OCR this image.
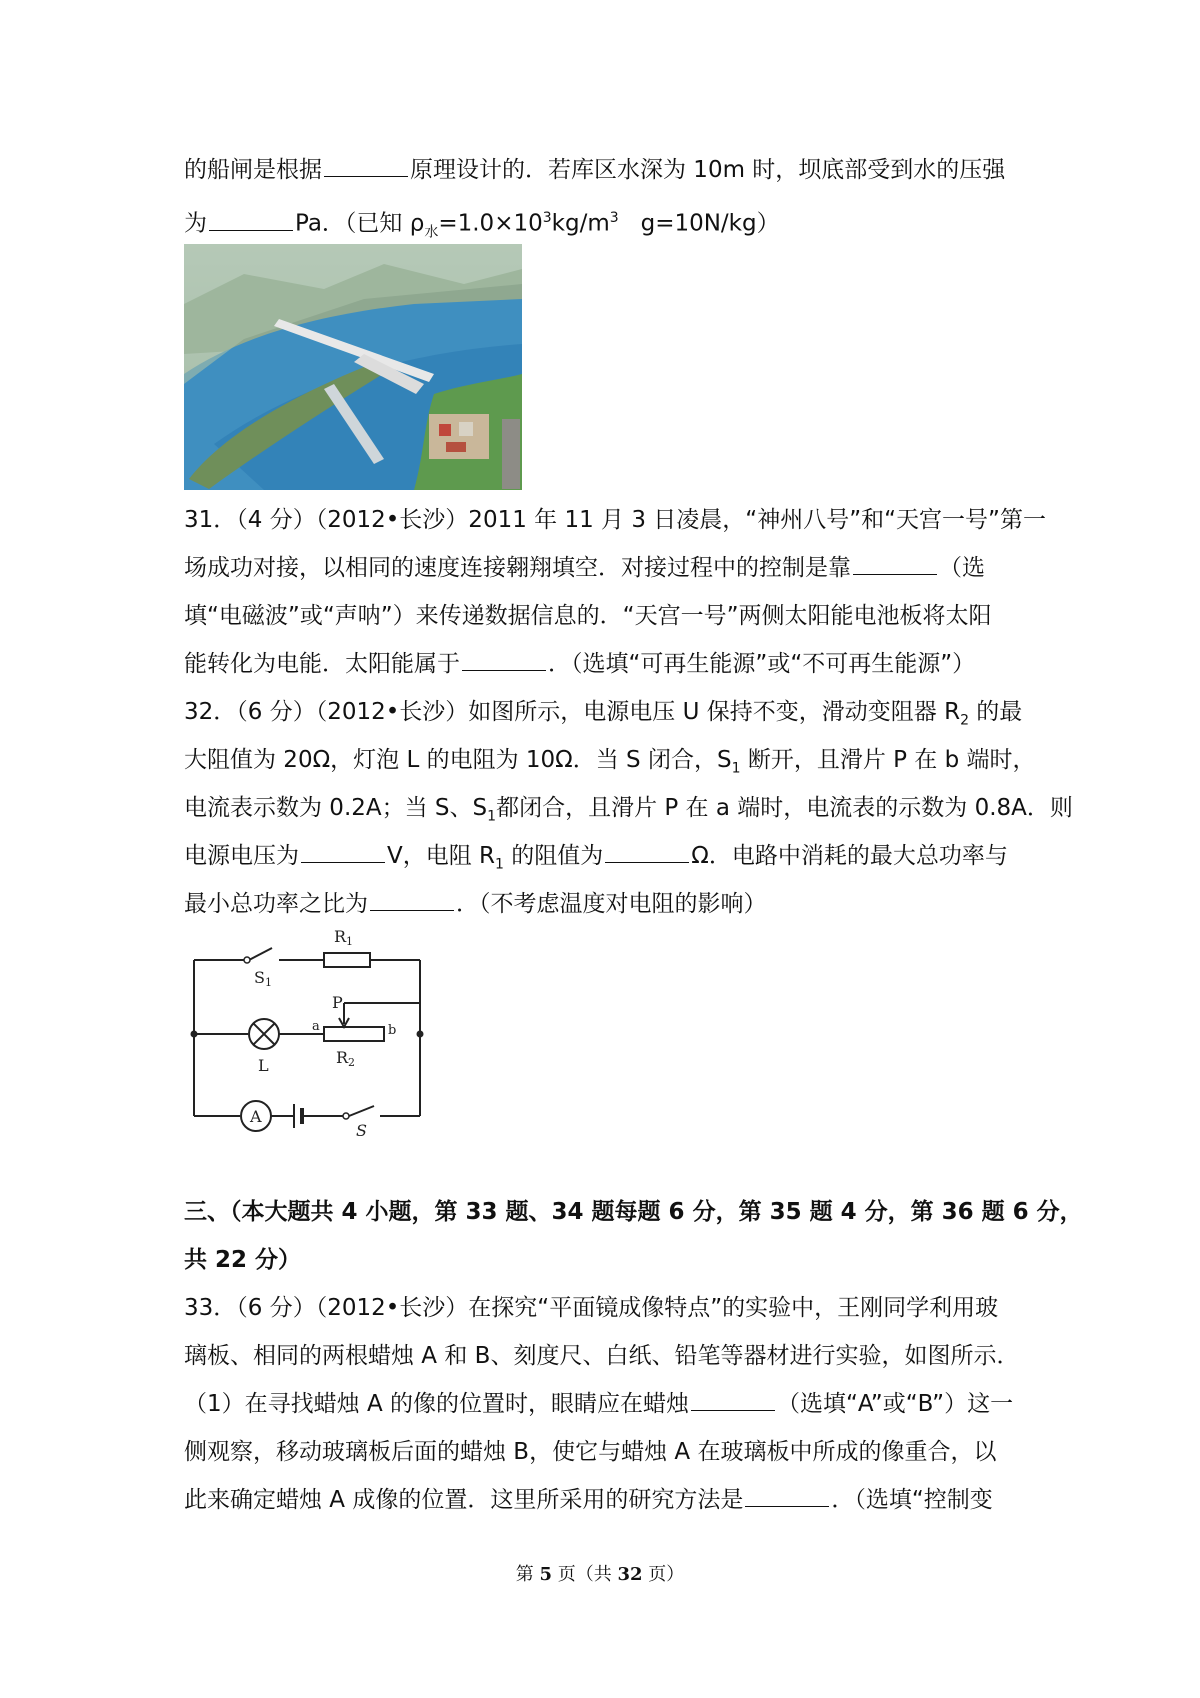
的船闸是根据	原理设计的．若库区水深为 10m 时，坝底部受到水的压强
为	Pa．（已知 $\rho_水=1.0\times 10^3kg/m^3$ g=10N/kg）
31．（4 分）（2012•长沙）2011 年 11 月 3 日凌晨，“神州八号”和“天宫一号”第一
场成功对接，以相同的速度连接翱翔填空．对接过程中的控制是靠	（选
填“电磁波”或“声呐”）来传递数据信息的．“天宫一号”两侧太阳能电池板将太阳
能转化为电能．太阳能属于	．（选填“可再生能源”或“不可再生能源”）
32．（6 分）（2012•长沙）如图所示，电源电压 U 保持不变，滑动变阻器 $R_2$ 的最
大阻值为 20Ω，灯泡 L 的电阻为 10Ω．当 S 闭合，$S_1$ 断开，且滑片 P 在 b 端时，
电流表示数为 0.2A；当 S、$S_1$都闭合，且滑片 P 在 a 端时，电流表的示数为 0.8A．则
电源电压为	V，电阻 $R_1$ 的阻值为	Ω．电路中消耗的最大总功率与
最小总功率之比为	．（不考虑温度对电阻的影响）
R1
S1
P
a	b
R2
L
A
S
三、（本大题共 4 小题，第 33 题、34 题每题 6 分，第 35 题 4 分，第 36 题 6 分，
共 22 分）
33．（6 分）（2012•长沙）在探究“平面镜成像特点”的实验中，王刚同学利用玻
璃板、相同的两根蜡烛 A 和 B、刻度尺、白纸、铅笔等器材进行实验，如图所示．
（1）在寻找蜡烛 A 的像的位置时，眼睛应在蜡烛	（选填“A”或“B”）这一
侧观察，移动玻璃板后面的蜡烛 B，使它与蜡烛 A 在玻璃板中所成的像重合，以
此来确定蜡烛 A 成像的位置．这里所采用的研究方法是	．（选填“控制变
第 5 页（共 32 页）
